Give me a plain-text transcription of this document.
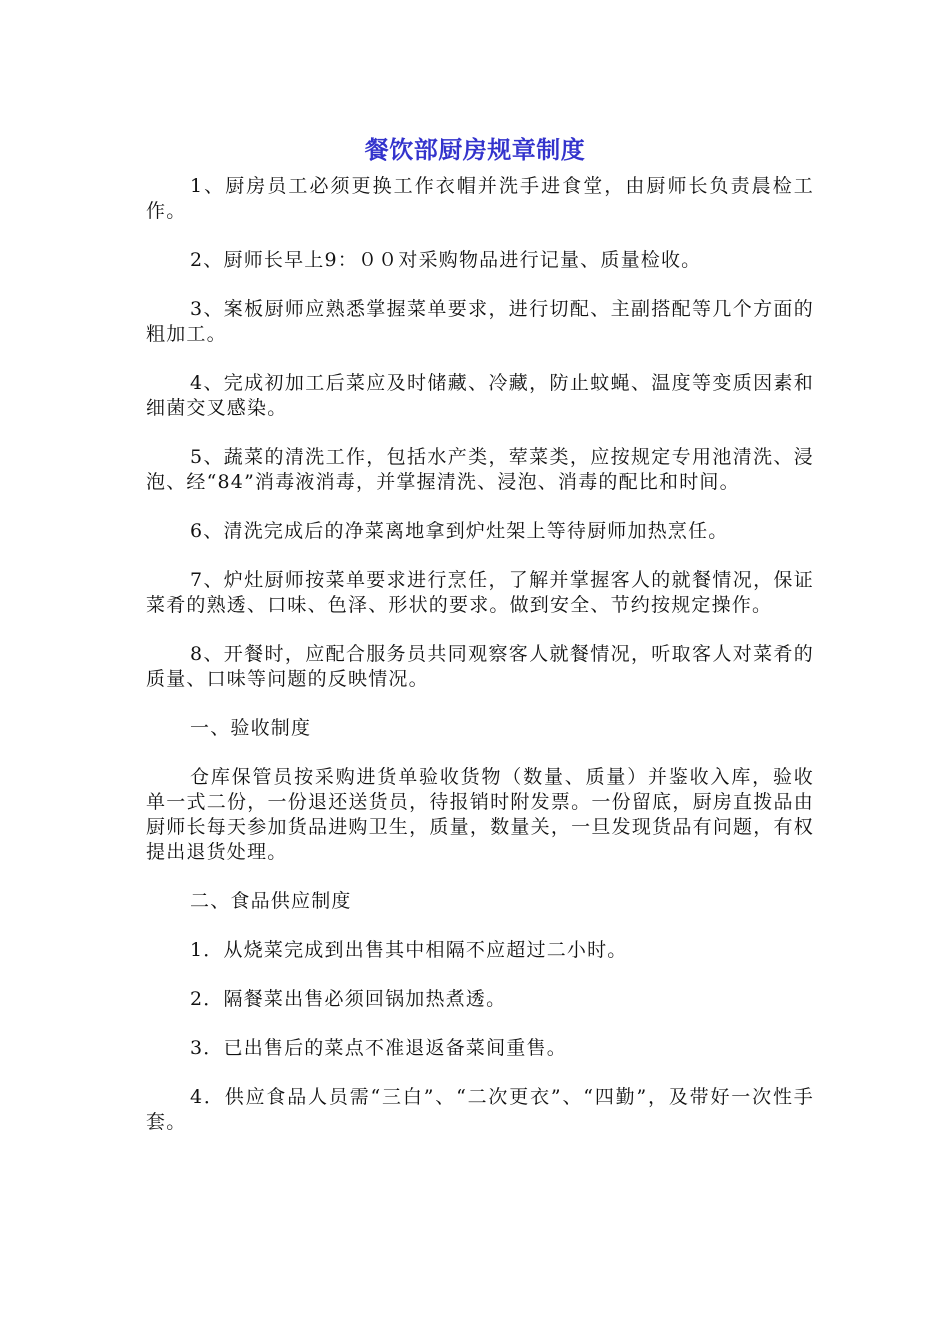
餐饮部厨房规章制度

1、厨房员工必须更换工作衣帽并洗手进食堂，由厨师长负责晨检工作。

2、厨师长早上9：００对采购物品进行记量、质量检收。

3、案板厨师应熟悉掌握菜单要求，进行切配、主副搭配等几个方面的粗加工。

4、完成初加工后菜应及时储藏、冷藏，防止蚊蝇、温度等变质因素和细菌交叉感染。

5、蔬菜的清洗工作，包括水产类，荤菜类，应按规定专用池清洗、浸泡、经“84”消毒液消毒，并掌握清洗、浸泡、消毒的配比和时间。

6、清洗完成后的净菜离地拿到炉灶架上等待厨师加热烹任。

7、炉灶厨师按菜单要求进行烹任，了解并掌握客人的就餐情况，保证菜肴的熟透、口味、色泽、形状的要求。做到安全、节约按规定操作。

8、开餐时，应配合服务员共同观察客人就餐情况，听取客人对菜肴的质量、口味等问题的反映情况。

一、验收制度

仓库保管员按采购进货单验收货物（数量、质量）并鉴收入库，验收单一式二份，一份退还送货员，待报销时附发票。一份留底，厨房直拨品由厨师长每天参加货品进购卫生，质量，数量关，一旦发现货品有问题，有权提出退货处理。

二、食品供应制度

1．从烧菜完成到出售其中相隔不应超过二小时。

2．隔餐菜出售必须回锅加热煮透。

3．已出售后的菜点不准退返备菜间重售。

4．供应食品人员需“三白”、“二次更衣”、“四勤”，及带好一次性手套。
